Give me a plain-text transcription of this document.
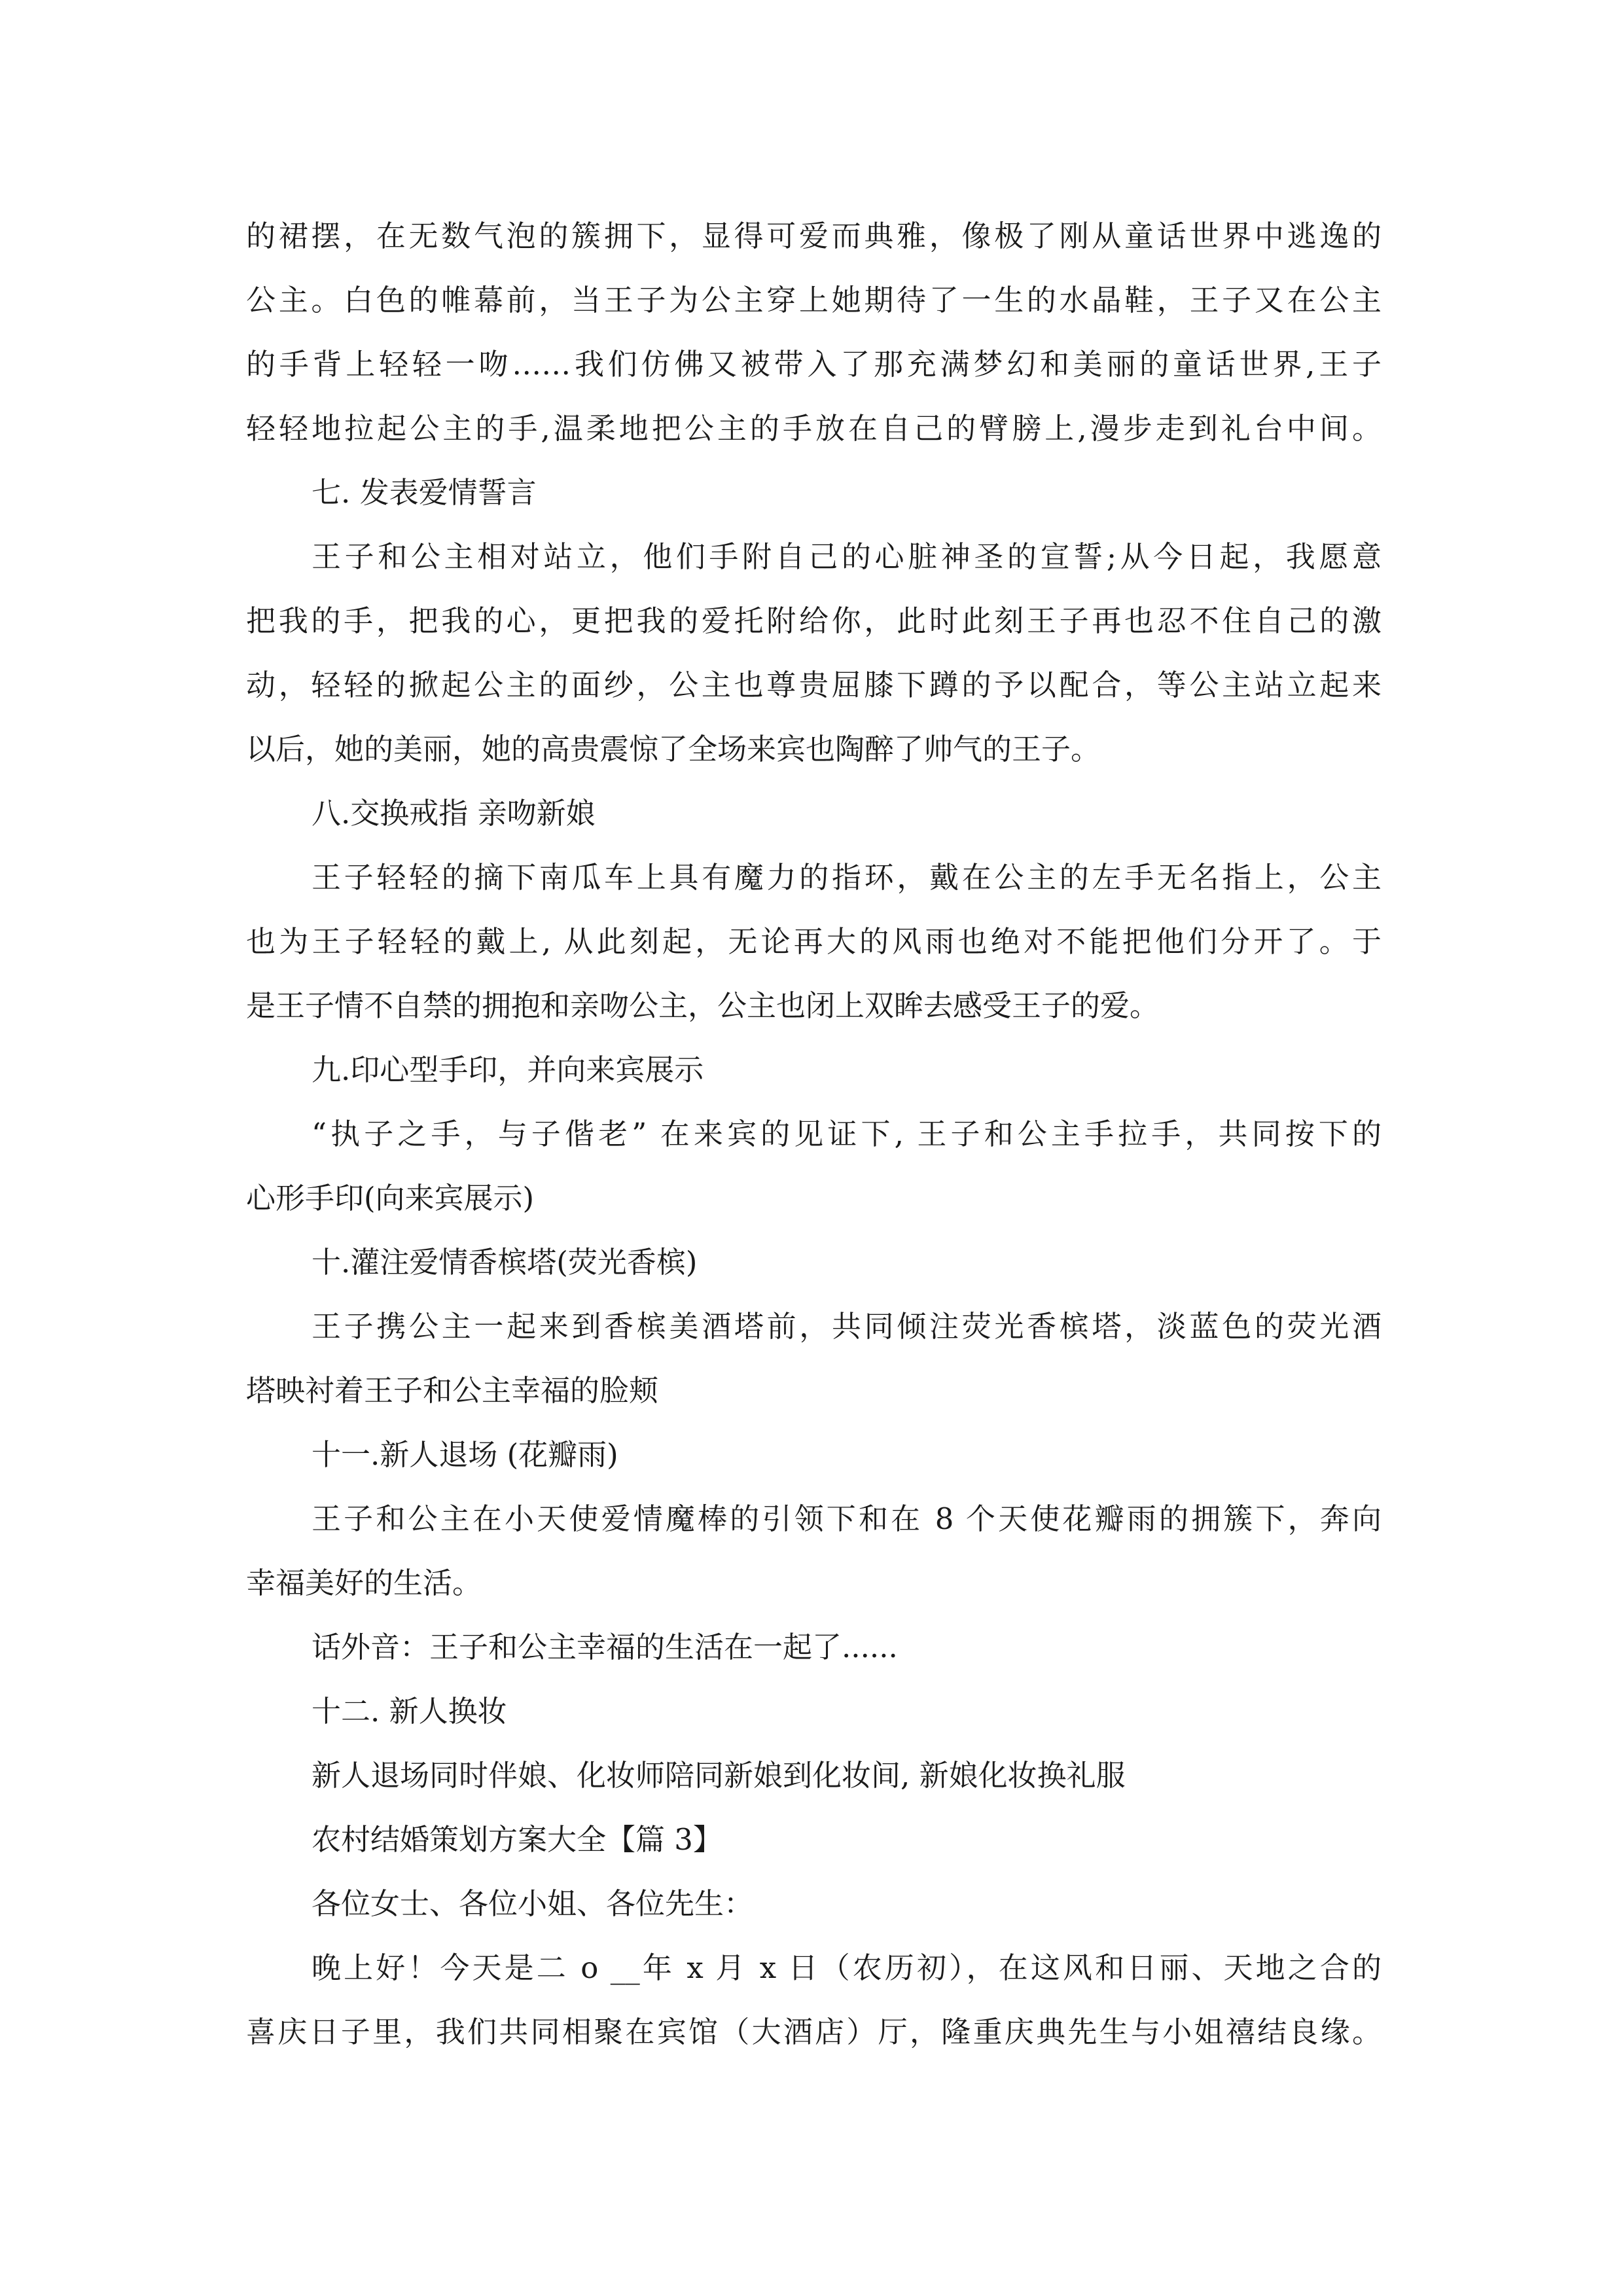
的裙摆，在无数气泡的簇拥下，显得可爱而典雅，像极了刚从童话世界中逃逸的
公主。白色的帷幕前，当王子为公主穿上她期待了一生的水晶鞋，王子又在公主
的手背上轻轻一吻……我们仿佛又被带入了那充满梦幻和美丽的童话世界,王子
轻轻地拉起公主的手,温柔地把公主的手放在自己的臂膀上,漫步走到礼台中间。
七. 发表爱情誓言
王子和公主相对站立，他们手附自己的心脏神圣的宣誓;从今日起，我愿意
把我的手，把我的心，更把我的爱托附给你，此时此刻王子再也忍不住自己的激
动，轻轻的掀起公主的面纱，公主也尊贵屈膝下蹲的予以配合，等公主站立起来
以后，她的美丽，她的高贵震惊了全场来宾也陶醉了帅气的王子。
八.交换戒指 亲吻新娘
王子轻轻的摘下南瓜车上具有魔力的指环，戴在公主的左手无名指上，公主
也为王子轻轻的戴上, 从此刻起，无论再大的风雨也绝对不能把他们分开了。于
是王子情不自禁的拥抱和亲吻公主，公主也闭上双眸去感受王子的爱。
九.印心型手印，并向来宾展示
“执子之手，与子偕老” 在来宾的见证下, 王子和公主手拉手，共同按下的
心形手印(向来宾展示)
十.灌注爱情香槟塔(荧光香槟)
王子携公主一起来到香槟美酒塔前，共同倾注荧光香槟塔，淡蓝色的荧光酒
塔映衬着王子和公主幸福的脸颊
十一.新人退场 (花瓣雨)
王子和公主在小天使爱情魔棒的引领下和在 8 个天使花瓣雨的拥簇下，奔向
幸福美好的生活。
话外音：王子和公主幸福的生活在一起了......
十二. 新人换妆
新人退场同时伴娘、化妆师陪同新娘到化妆间, 新娘化妆换礼服
农村结婚策划方案大全【篇 3】
各位女士、各位小姐、各位先生：
晚上好！今天是二 o __年 x 月 x 日（农历初），在这风和日丽、天地之合的
喜庆日子里，我们共同相聚在宾馆（大酒店）厅，隆重庆典先生与小姐禧结良缘。
